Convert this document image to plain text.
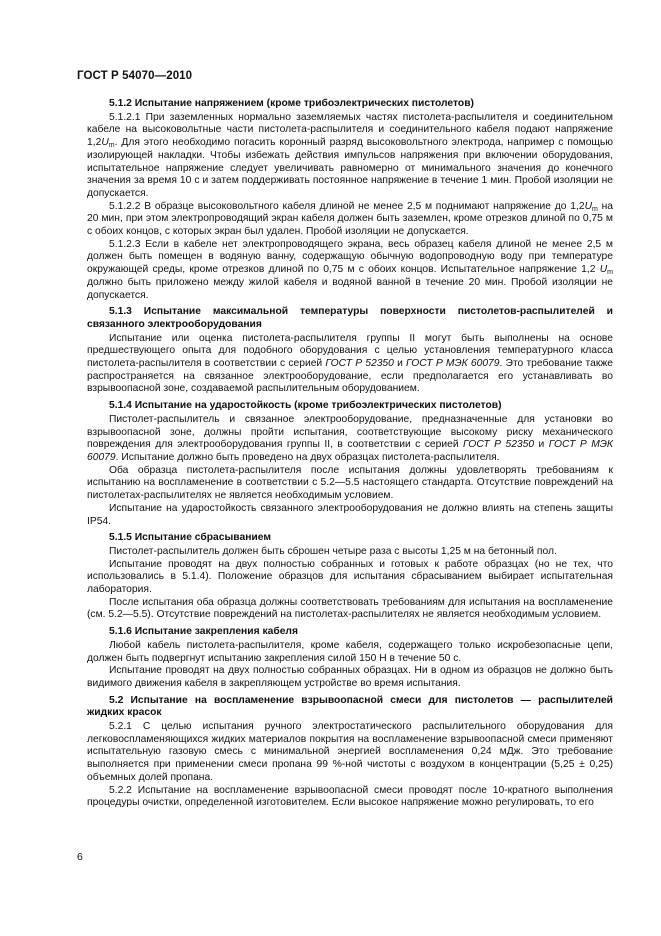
ГОСТ Р 54070—2010

5.1.2 Испытание напряжением (кроме трибоэлектрических пистолетов)

5.1.2.1 При заземленных нормально заземляемых частях пистолета-распылителя и соединительном кабеле на высоковольтные части пистолета-распылителя и соединительного кабеля подают напряжение $1,2U_m$. Для этого необходимо погасить коронный разряд высоковольтного электрода, например с помощью изолирующей накладки. Чтобы избежать действия импульсов напряжения при включении оборудования, испытательное напряжение следует увеличивать равномерно от минимального значения до конечного значения за время 10 с и затем поддерживать постоянное напряжение в течение 1 мин. Пробой изоляции не допускается.

5.1.2.2 В образце высоковольтного кабеля длиной не менее 2,5 м поднимают напряжение до $1,2U_m$ на 20 мин, при этом электропроводящий экран кабеля должен быть заземлен, кроме отрезков длиной по 0,75 м с обоих концов, с которых экран был удален. Пробой изоляции не допускается.

5.1.2.3 Если в кабеле нет электропроводящего экрана, весь образец кабеля длиной не менее 2,5 м должен быть помещен в водяную ванну, содержащую обычную водопроводную воду при температуре окружающей среды, кроме отрезков длиной по 0,75 м с обоих концов. Испытательное напряжение 1,2 $U_m$ должно быть приложено между жилой кабеля и водяной ванной в течение 20 мин. Пробой изоляции не допускается.

5.1.3 Испытание максимальной температуры поверхности пистолетов-распылителей и связанного электрооборудования

Испытание или оценка пистолета-распылителя группы II могут быть выполнены на основе предшествующего опыта для подобного оборудования с целью установления температурного класса пистолета-распылителя в соответствии с серией ГОСТ Р 52350 и ГОСТ Р МЭК 60079. Это требование также распространяется на связанное электрооборудование, если предполагается его устанавливать во взрывоопасной зоне, создаваемой распылительным оборудованием.

5.1.4 Испытание на ударостойкость (кроме трибоэлектрических пистолетов)

Пистолет-распылитель и связанное электрооборудование, предназначенные для установки во взрывоопасной зоне, должны пройти испытания, соответствующие высокому риску механического повреждения для электрооборудования группы II, в соответствии с серией ГОСТ Р 52350 и ГОСТ Р МЭК 60079. Испытание должно быть проведено на двух образцах пистолета-распылителя.

Оба образца пистолета-распылителя после испытания должны удовлетворять требованиям к испытанию на воспламенение в соответствии с 5.2—5.5 настоящего стандарта. Отсутствие повреждений на пистолетах-распылителях не является необходимым условием.

Испытание на ударостойкость связанного электрооборудования не должно влиять на степень защиты IP54.

5.1.5 Испытание сбрасыванием

Пистолет-распылитель должен быть сброшен четыре раза с высоты 1,25 м на бетонный пол.

Испытание проводят на двух полностью собранных и готовых к работе образцах (но не тех, что использовались в 5.1.4). Положение образцов для испытания сбрасыванием выбирает испытательная лаборатория.

После испытания оба образца должны соответствовать требованиям для испытания на воспламенение (см. 5.2—5.5). Отсутствие повреждений на пистолетах-распылителях не является необходимым условием.

5.1.6 Испытание закрепления кабеля

Любой кабель пистолета-распылителя, кроме кабеля, содержащего только искробезопасные цепи, должен быть подвергнут испытанию закрепления силой 150 Н в течение 50 с.

Испытание проводят на двух полностью собранных образцах. Ни в одном из образцов не должно быть видимого движения кабеля в закрепляющем устройстве во время испытания.

5.2 Испытание на воспламенение взрывоопасной смеси для пистолетов — распылителей жидких красок

5.2.1 С целью испытания ручного электростатического распылительного оборудования для легковоспламеняющихся жидких материалов покрытия на воспламенение взрывоопасной смеси применяют испытательную газовую смесь с минимальной энергией воспламенения 0,24 мДж. Это требование выполняется при применении смеси пропана 99 %-ной чистоты с воздухом в концентрации (5,25 ± 0,25) объемных долей пропана.

5.2.2 Испытание на воспламенение взрывоопасной смеси проводят после 10-кратного выполнения процедуры очистки, определенной изготовителем. Если высокое напряжение можно регулировать, то его

6
